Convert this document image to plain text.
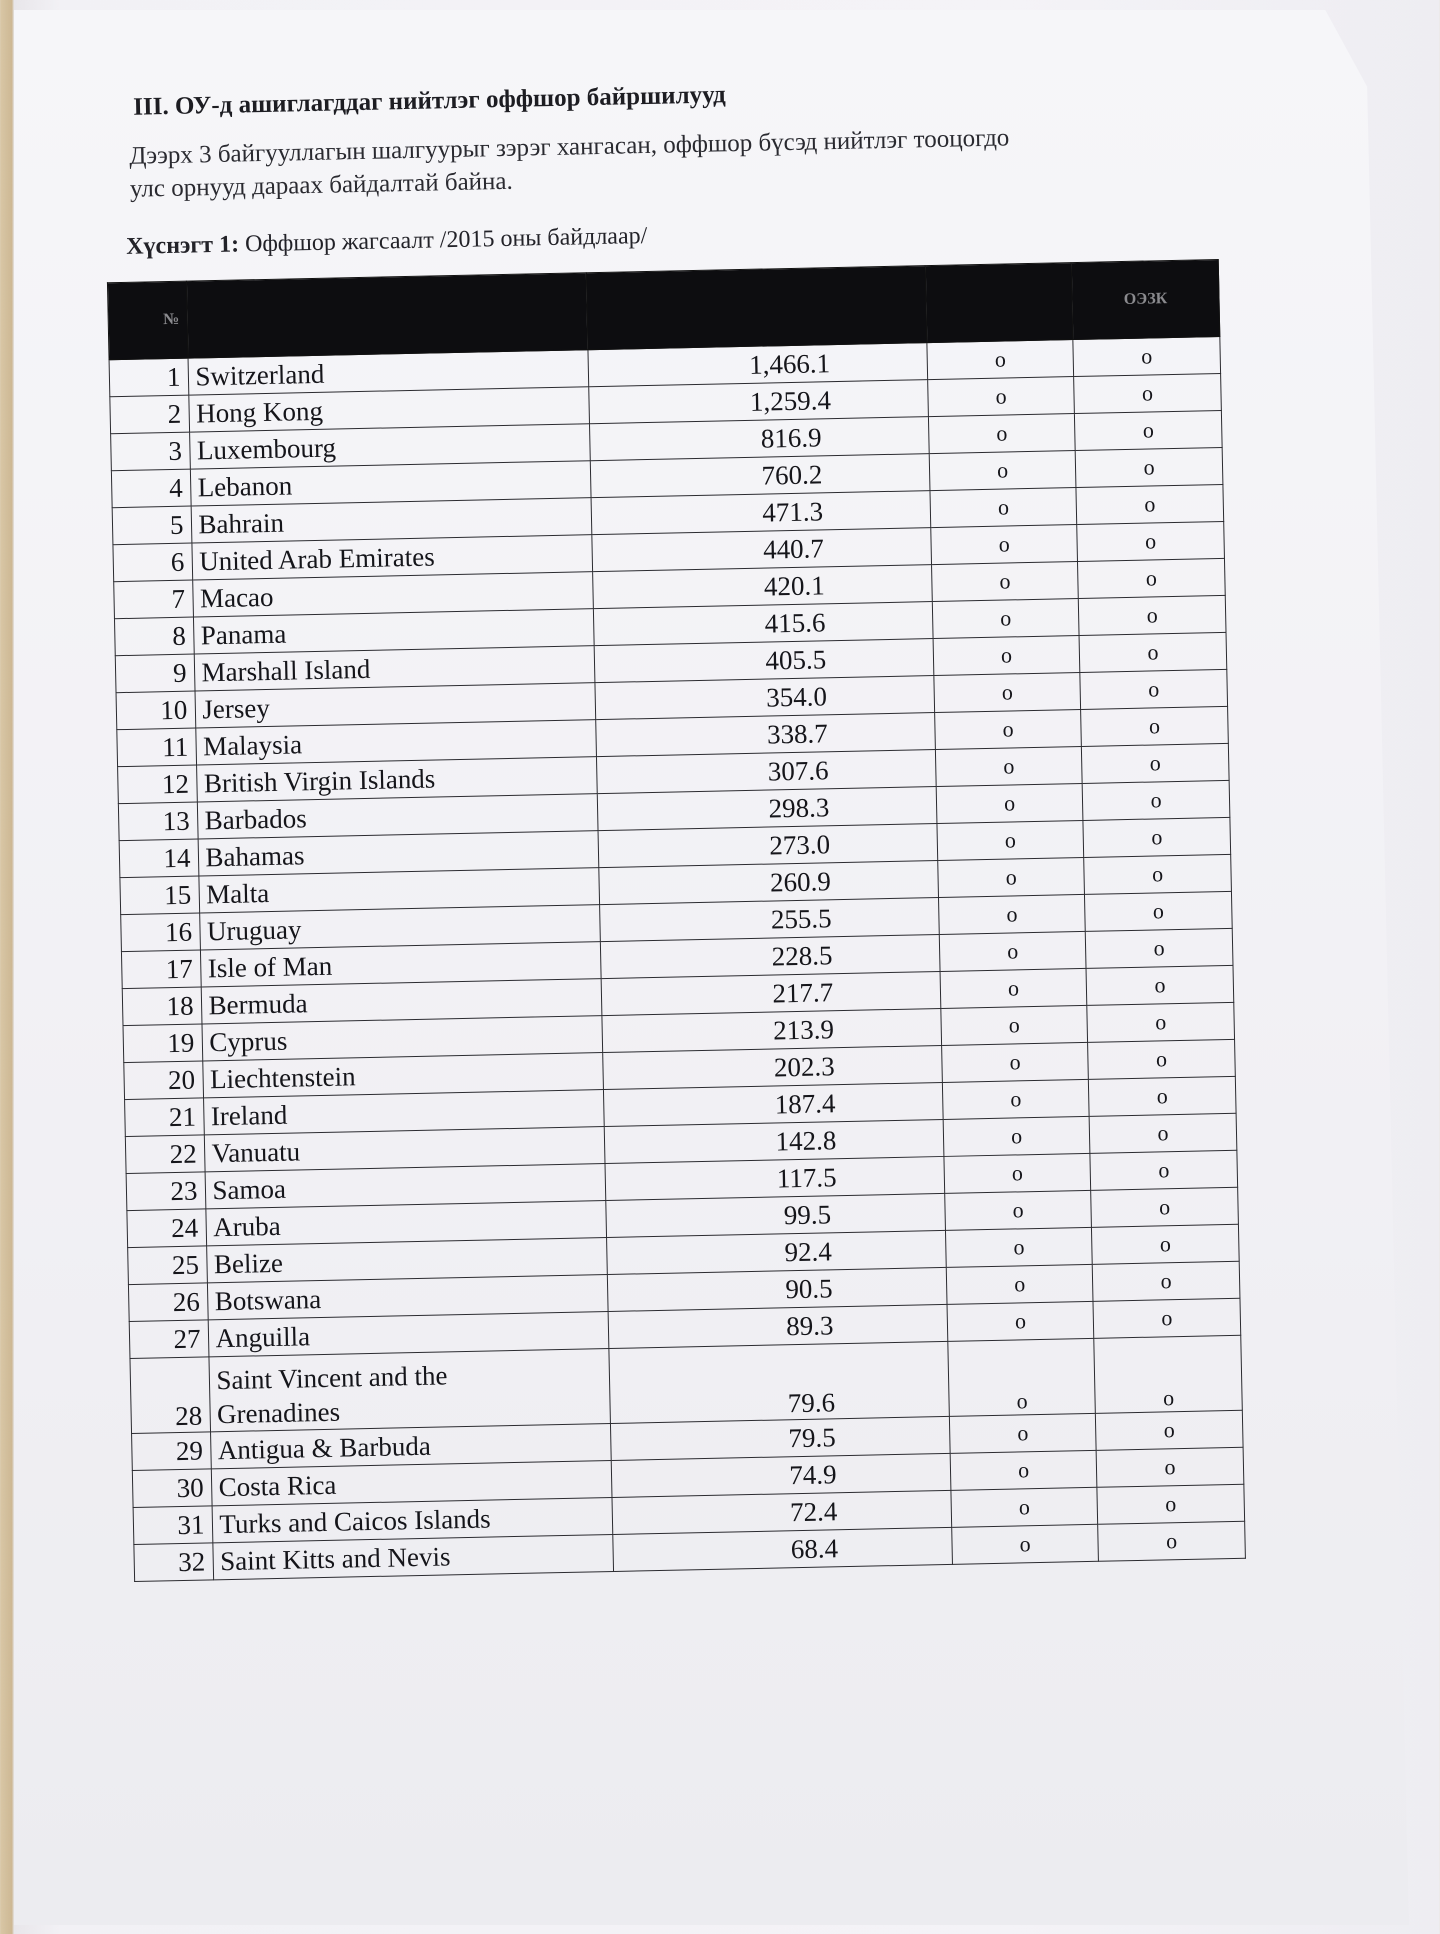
III. ОУ-д ашиглагддаг нийтлэг оффшор байршилууд
Дээрх 3 байгууллагын шалгуурыг зэрэг хангасан, оффшор бүсэд нийтлэг тооцогдо
улс орнууд дараах байдалтай байна.
Хүснэгт 1: Оффшор жагсаалт /2015 оны байдлаар/
№				ОЭЗК
1	Switzerland	1,466.1	o	o
2	Hong Kong	1,259.4	o	o
3	Luxembourg	816.9	o	o
4	Lebanon	760.2	o	o
5	Bahrain	471.3	o	o
6	United Arab Emirates	440.7	o	o
7	Macao	420.1	o	o
8	Panama	415.6	o	o
9	Marshall Island	405.5	o	o
10	Jersey	354.0	o	o
11	Malaysia	338.7	o	o
12	British Virgin Islands	307.6	o	o
13	Barbados	298.3	o	o
14	Bahamas	273.0	o	o
15	Malta	260.9	o	o
16	Uruguay	255.5	o	o
17	Isle of Man	228.5	o	o
18	Bermuda	217.7	o	o
19	Cyprus	213.9	o	o
20	Liechtenstein	202.3	o	o
21	Ireland	187.4	o	o
22	Vanuatu	142.8	o	o
23	Samoa	117.5	o	o
24	Aruba	99.5	o	o
25	Belize	92.4	o	o
26	Botswana	90.5	o	o
27	Anguilla	89.3	o	o
28	Saint Vincent and the
Grenadines	79.6	o	o
29	Antigua & Barbuda	79.5	o	o
30	Costa Rica	74.9	o	o
31	Turks and Caicos Islands	72.4	o	o
32	Saint Kitts and Nevis	68.4	o	o
